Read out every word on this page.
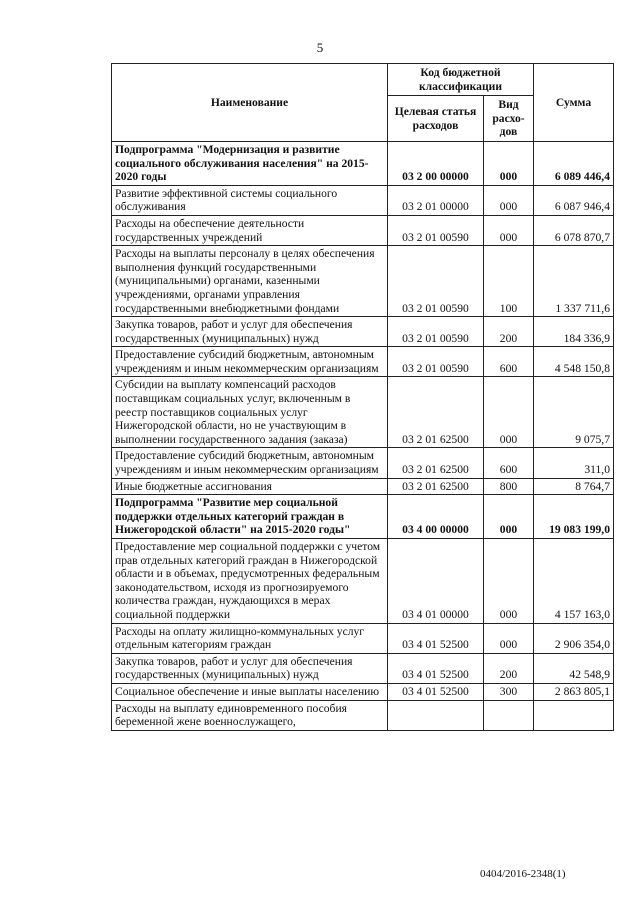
5
Наименование	Код бюджетной классификации		Сумма
	Целевая статья расходов	Вид расхо- дов	
Подпрограмма "Модернизация и развитие социального обслуживания населения" на 2015-2020 годы	03 2 00 00000	000	6 089 446,4
Развитие эффективной системы социального обслуживания	03 2 01 00000	000	6 087 946,4
Расходы на обеспечение деятельности государственных учреждений	03 2 01 00590	000	6 078 870,7
Расходы на выплаты персоналу в целях обеспечения выполнения функций государственными (муниципальными) органами, казенными учреждениями, органами управления государственными внебюджетными фондами	03 2 01 00590	100	1 337 711,6
Закупка товаров, работ и услуг для обеспечения государственных (муниципальных) нужд	03 2 01 00590	200	184 336,9
Предоставление субсидий бюджетным, автономным учреждениям и иным некоммерческим организациям	03 2 01 00590	600	4 548 150,8
Субсидии на выплату компенсаций расходов поставщикам социальных услуг, включенным в реестр поставщиков социальных услуг Нижегородской области, но не участвующим в выполнении государственного задания (заказа)	03 2 01 62500	000	9 075,7
Предоставление субсидий бюджетным, автономным учреждениям и иным некоммерческим организациям	03 2 01 62500	600	311,0
Иные бюджетные ассигнования	03 2 01 62500	800	8 764,7
Подпрограмма "Развитие мер социальной поддержки отдельных категорий граждан в Нижегородской области" на 2015-2020 годы"	03 4 00 00000	000	19 083 199,0
Предоставление мер социальной поддержки с учетом прав отдельных категорий граждан в Нижегородской области и в объемах, предусмотренных федеральным законодательством, исходя из прогнозируемого количества граждан, нуждающихся в мерах социальной поддержки	03 4 01 00000	000	4 157 163,0
Расходы на оплату жилищно-коммунальных услуг отдельным категориям граждан	03 4 01 52500	000	2 906 354,0
Закупка товаров, работ и услуг для обеспечения государственных (муниципальных) нужд	03 4 01 52500	200	42 548,9
Социальное обеспечение и иные выплаты населению	03 4 01 52500	300	2 863 805,1
Расходы на выплату единовременного пособия беременной жене военнослужащего,			
0404/2016-2348(1)
